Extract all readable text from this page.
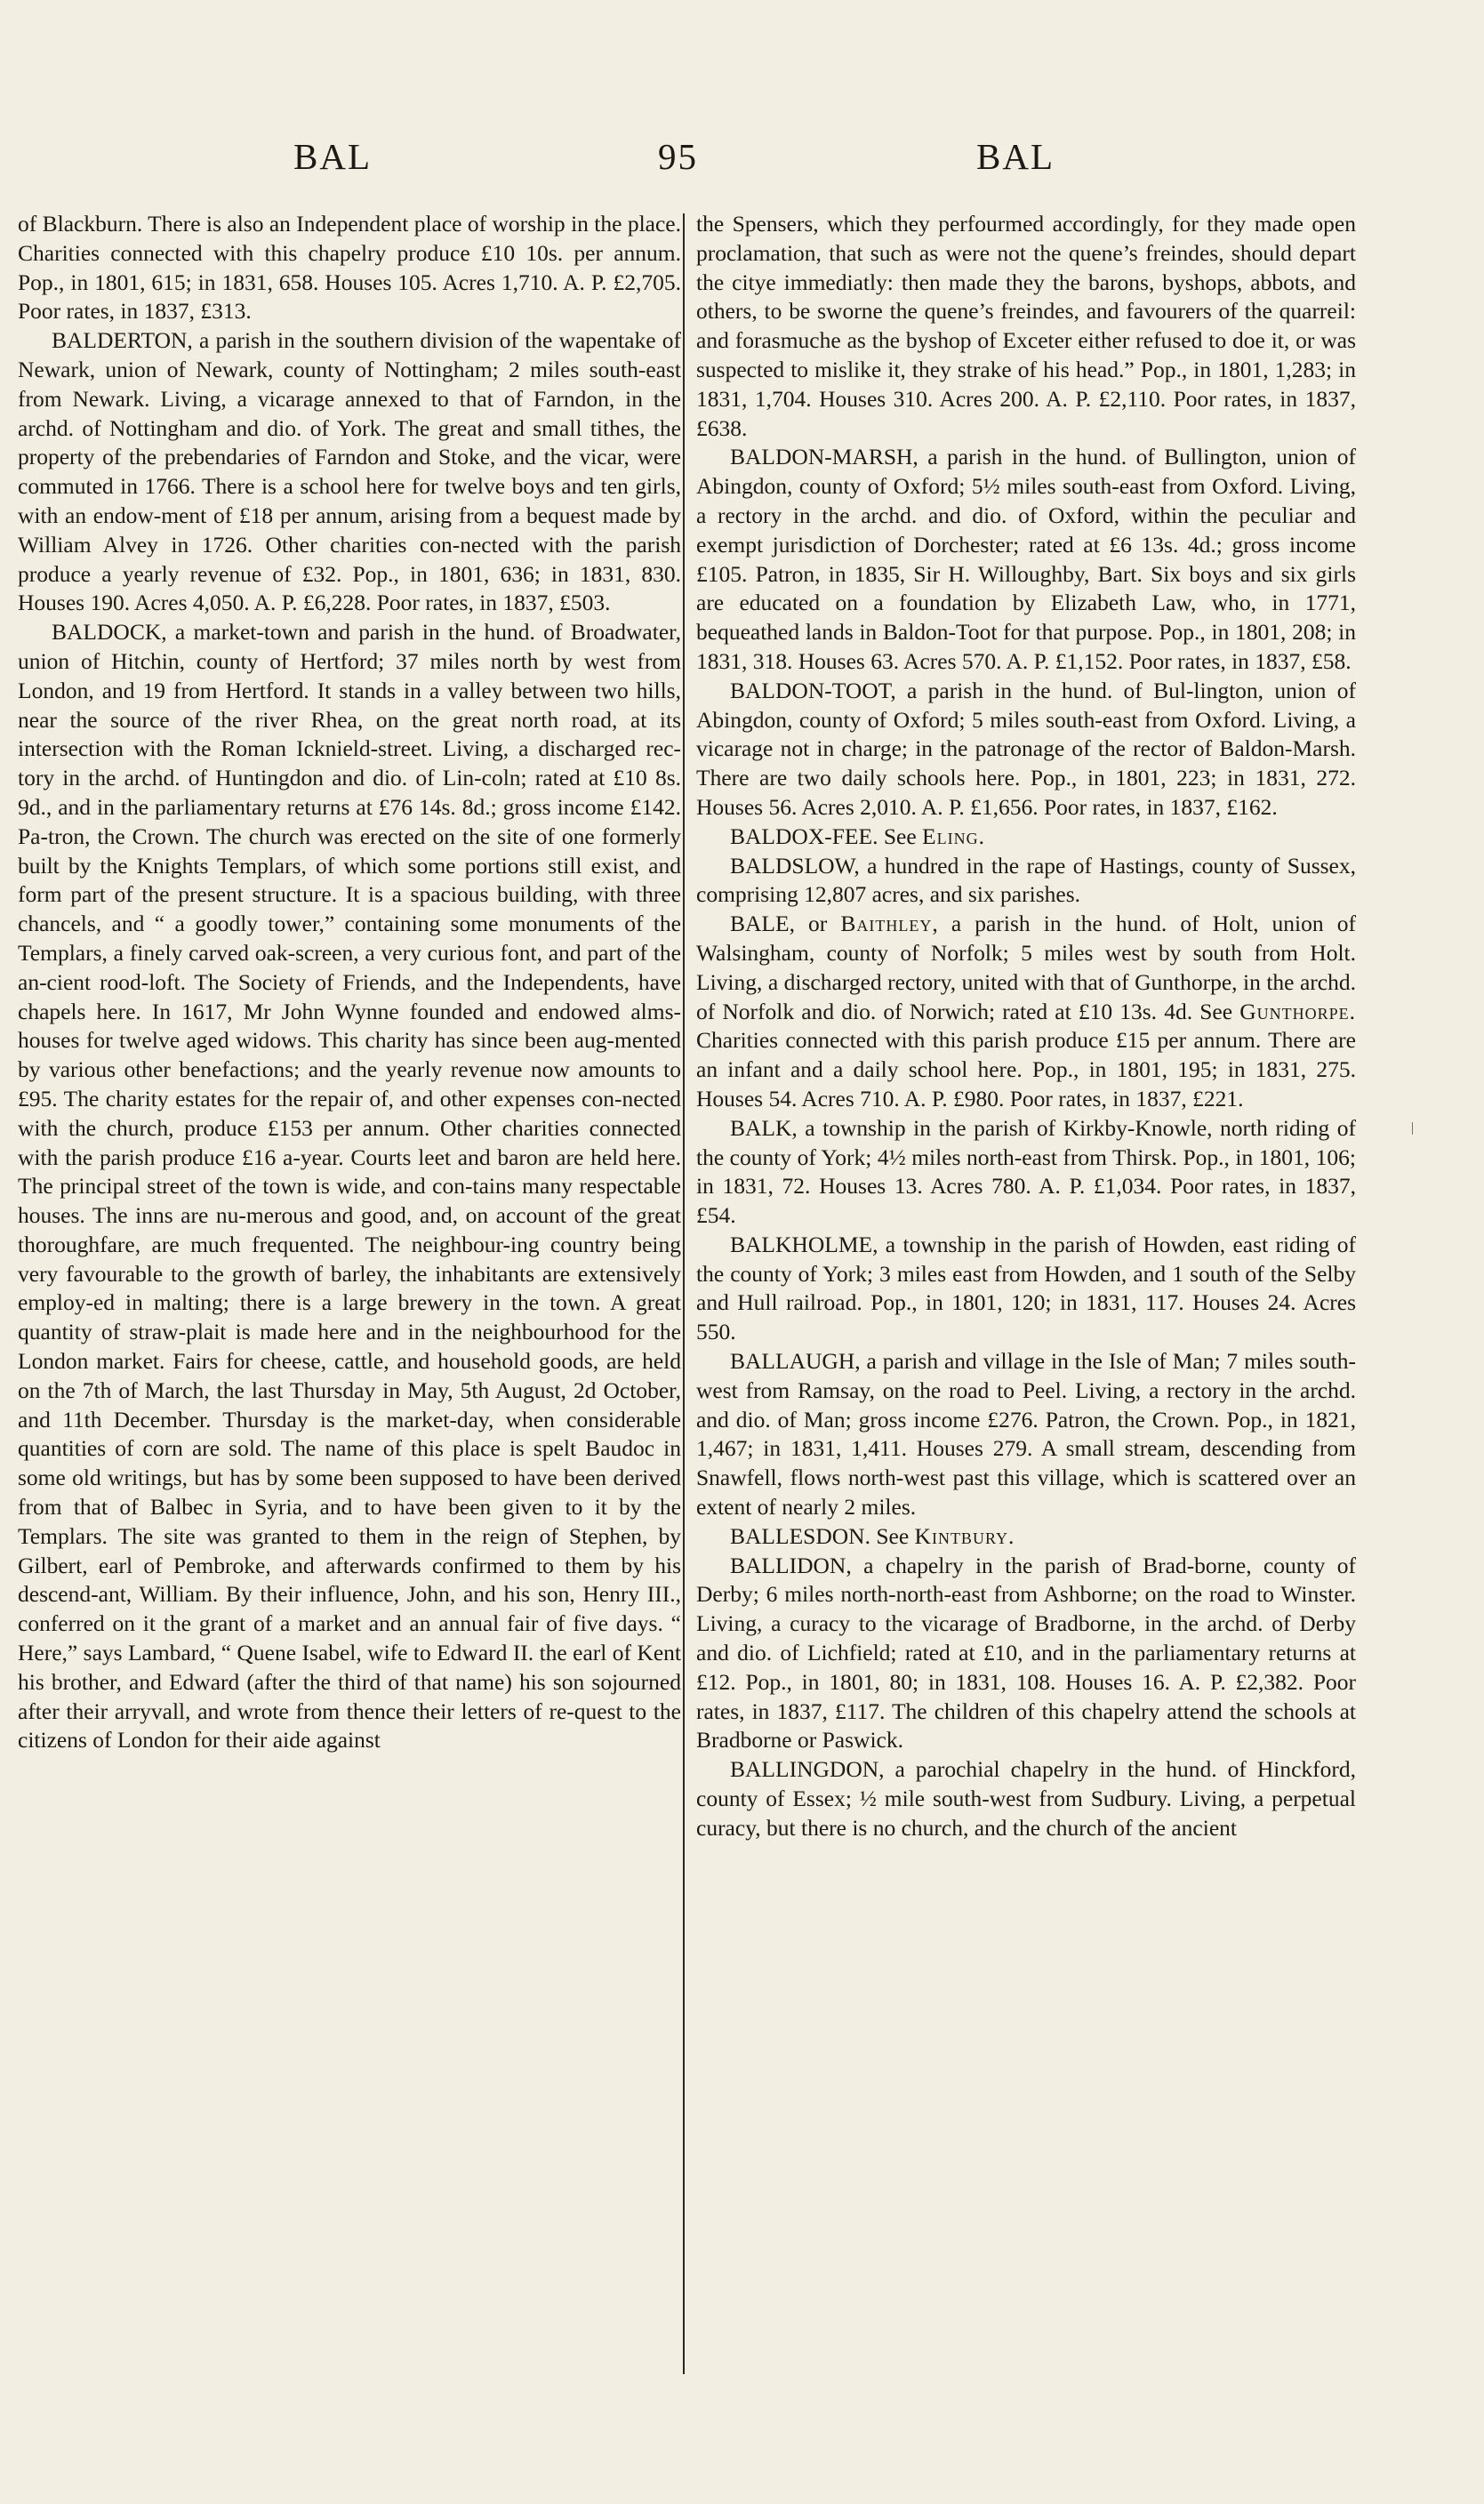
BAL	95	BAL

of Blackburn. There is also an Independent place of worship in the place. Charities connected with this chapelry produce £10 10s. per annum. Pop., in 1801, 615; in 1831, 658. Houses 105. Acres 1,710. A. P. £2,705. Poor rates, in 1837, £313.

BALDERTON, a parish in the southern division of the wapentake of Newark, union of Newark, county of Nottingham; 2 miles south-east from Newark. Living, a vicarage annexed to that of Farndon, in the archd. of Nottingham and dio. of York. The great and small tithes, the property of the prebendaries of Farndon and Stoke, and the vicar, were commuted in 1766. There is a school here for twelve boys and ten girls, with an endow-ment of £18 per annum, arising from a bequest made by William Alvey in 1726. Other charities con-nected with the parish produce a yearly revenue of £32. Pop., in 1801, 636; in 1831, 830. Houses 190. Acres 4,050. A. P. £6,228. Poor rates, in 1837, £503.

BALDOCK, a market-town and parish in the hund. of Broadwater, union of Hitchin, county of Hertford; 37 miles north by west from London, and 19 from Hertford. It stands in a valley between two hills, near the source of the river Rhea, on the great north road, at its intersection with the Roman Icknield-street. Living, a discharged rec-tory in the archd. of Huntingdon and dio. of Lin-coln; rated at £10 8s. 9d., and in the parliamentary returns at £76 14s. 8d.; gross income £142. Pa-tron, the Crown. The church was erected on the site of one formerly built by the Knights Templars, of which some portions still exist, and form part of the present structure. It is a spacious building, with three chancels, and “ a goodly tower,” containing some monuments of the Templars, a finely carved oak-screen, a very curious font, and part of the an-cient rood-loft. The Society of Friends, and the Independents, have chapels here. In 1617, Mr John Wynne founded and endowed alms-houses for twelve aged widows. This charity has since been aug-mented by various other benefactions; and the yearly revenue now amounts to £95. The charity estates for the repair of, and other expenses con-nected with the church, produce £153 per annum. Other charities connected with the parish produce £16 a-year. Courts leet and baron are held here. The principal street of the town is wide, and con-tains many respectable houses. The inns are nu-merous and good, and, on account of the great thoroughfare, are much frequented. The neighbour-ing country being very favourable to the growth of barley, the inhabitants are extensively employ-ed in malting; there is a large brewery in the town. A great quantity of straw-plait is made here and in the neighbourhood for the London market. Fairs for cheese, cattle, and household goods, are held on the 7th of March, the last Thursday in May, 5th August, 2d October, and 11th December. Thursday is the market-day, when considerable quantities of corn are sold. The name of this place is spelt Baudoc in some old writings, but has by some been supposed to have been derived from that of Balbec in Syria, and to have been given to it by the Templars. The site was granted to them in the reign of Stephen, by Gilbert, earl of Pembroke, and afterwards confirmed to them by his descend-ant, William. By their influence, John, and his son, Henry III., conferred on it the grant of a market and an annual fair of five days. “ Here,” says Lambard, “ Quene Isabel, wife to Edward II. the earl of Kent his brother, and Edward (after the third of that name) his son sojourned after their arryvall, and wrote from thence their letters of re-quest to the citizens of London for their aide against

the Spensers, which they perfourmed accordingly, for they made open proclamation, that such as were not the quene’s freindes, should depart the citye immediatly: then made they the barons, byshops, abbots, and others, to be sworne the quene’s freindes, and favourers of the quarreil: and forasmuche as the byshop of Exceter either refused to doe it, or was suspected to mislike it, they strake of his head.” Pop., in 1801, 1,283; in 1831, 1,704. Houses 310. Acres 200. A. P. £2,110. Poor rates, in 1837, £638.

BALDON-MARSH, a parish in the hund. of Bullington, union of Abingdon, county of Oxford; 5½ miles south-east from Oxford. Living, a rectory in the archd. and dio. of Oxford, within the peculiar and exempt jurisdiction of Dorchester; rated at £6 13s. 4d.; gross income £105. Patron, in 1835, Sir H. Willoughby, Bart. Six boys and six girls are educated on a foundation by Elizabeth Law, who, in 1771, bequeathed lands in Baldon-Toot for that purpose. Pop., in 1801, 208; in 1831, 318. Houses 63. Acres 570. A. P. £1,152. Poor rates, in 1837, £58.

BALDON-TOOT, a parish in the hund. of Bul-lington, union of Abingdon, county of Oxford; 5 miles south-east from Oxford. Living, a vicarage not in charge; in the patronage of the rector of Baldon-Marsh. There are two daily schools here. Pop., in 1801, 223; in 1831, 272. Houses 56. Acres 2,010. A. P. £1,656. Poor rates, in 1837, £162.

BALDOX-FEE. See Eling.

BALDSLOW, a hundred in the rape of Hastings, county of Sussex, comprising 12,807 acres, and six parishes.

BALE, or Baithley, a parish in the hund. of Holt, union of Walsingham, county of Norfolk; 5 miles west by south from Holt. Living, a discharged rectory, united with that of Gunthorpe, in the archd. of Norfolk and dio. of Norwich; rated at £10 13s. 4d. See Gunthorpe. Charities connected with this parish produce £15 per annum. There are an infant and a daily school here. Pop., in 1801, 195; in 1831, 275. Houses 54. Acres 710. A. P. £980. Poor rates, in 1837, £221.

BALK, a township in the parish of Kirkby-Knowle, north riding of the county of York; 4½ miles north-east from Thirsk. Pop., in 1801, 106; in 1831, 72. Houses 13. Acres 780. A. P. £1,034. Poor rates, in 1837, £54.

BALKHOLME, a township in the parish of Howden, east riding of the county of York; 3 miles east from Howden, and 1 south of the Selby and Hull railroad. Pop., in 1801, 120; in 1831, 117. Houses 24. Acres 550.

BALLAUGH, a parish and village in the Isle of Man; 7 miles south-west from Ramsay, on the road to Peel. Living, a rectory in the archd. and dio. of Man; gross income £276. Patron, the Crown. Pop., in 1821, 1,467; in 1831, 1,411. Houses 279. A small stream, descending from Snawfell, flows north-west past this village, which is scattered over an extent of nearly 2 miles.

BALLESDON. See Kintbury.

BALLIDON, a chapelry in the parish of Brad-borne, county of Derby; 6 miles north-north-east from Ashborne; on the road to Winster. Living, a curacy to the vicarage of Bradborne, in the archd. of Derby and dio. of Lichfield; rated at £10, and in the parliamentary returns at £12. Pop., in 1801, 80; in 1831, 108. Houses 16. A. P. £2,382. Poor rates, in 1837, £117. The children of this chapelry attend the schools at Bradborne or Paswick.

BALLINGDON, a parochial chapelry in the hund. of Hinckford, county of Essex; ½ mile south-west from Sudbury. Living, a perpetual curacy, but there is no church, and the church of the ancient
